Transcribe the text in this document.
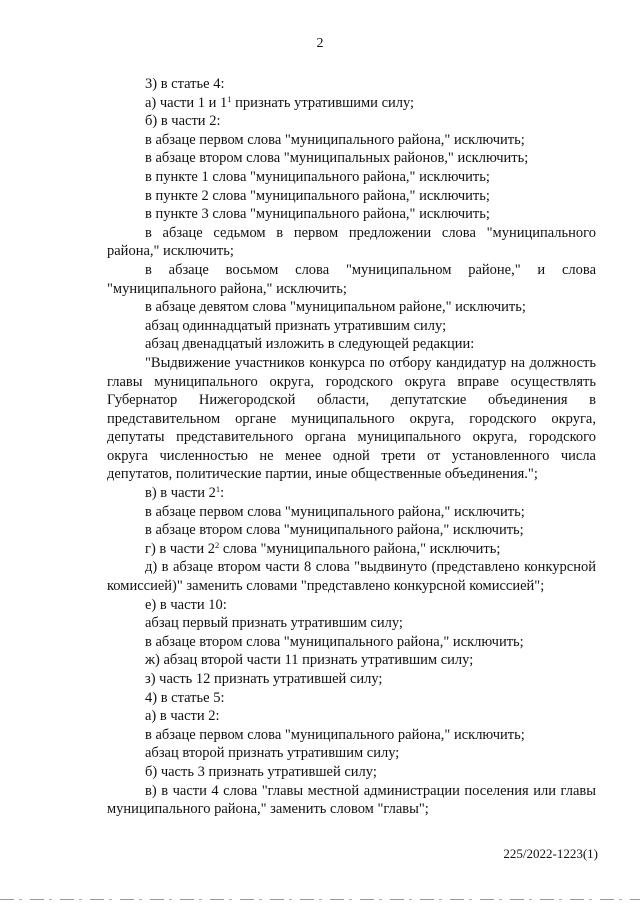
2

3) в статье 4:

а) части 1 и $1^1$ признать утратившими силу;

б) в части 2:

в абзаце первом слова "муниципального района," исключить;

в абзаце втором слова "муниципальных районов," исключить;

в пункте 1 слова "муниципального района," исключить;

в пункте 2 слова "муниципального района," исключить;

в пункте 3 слова "муниципального района," исключить;

в абзаце седьмом в первом предложении слова "муниципального района," исключить;

в абзаце восьмом слова "муниципальном районе," и слова "муниципального района," исключить;

в абзаце девятом слова "муниципальном районе," исключить;

абзац одиннадцатый признать утратившим силу;

абзац двенадцатый изложить в следующей редакции:

"Выдвижение участников конкурса по отбору кандидатур на должность главы муниципального округа, городского округа вправе осуществлять Губернатор Нижегородской области, депутатские объединения в представительном органе муниципального округа, городского округа, депутаты представительного органа муниципального округа, городского округа численностью не менее одной трети от установленного числа депутатов, политические партии, иные общественные объединения.";

в) в части $2^1$:

в абзаце первом слова "муниципального района," исключить;

в абзаце втором слова "муниципального района," исключить;

г) в части $2^2$ слова "муниципального района," исключить;

д) в абзаце втором части 8 слова "выдвинуто (представлено конкурсной комиссией)" заменить словами "представлено конкурсной комиссией";

е) в части 10:

абзац первый признать утратившим силу;

в абзаце втором слова "муниципального района," исключить;

ж) абзац второй части 11 признать утратившим силу;

з) часть 12 признать утратившей силу;

4) в статье 5:

а) в части 2:

в абзаце первом слова "муниципального района," исключить;

абзац второй признать утратившим силу;

б) часть 3 признать утратившей силу;

в) в части 4 слова "главы местной администрации поселения или главы муниципального района," заменить словом "главы";

225/2022-1223(1)
